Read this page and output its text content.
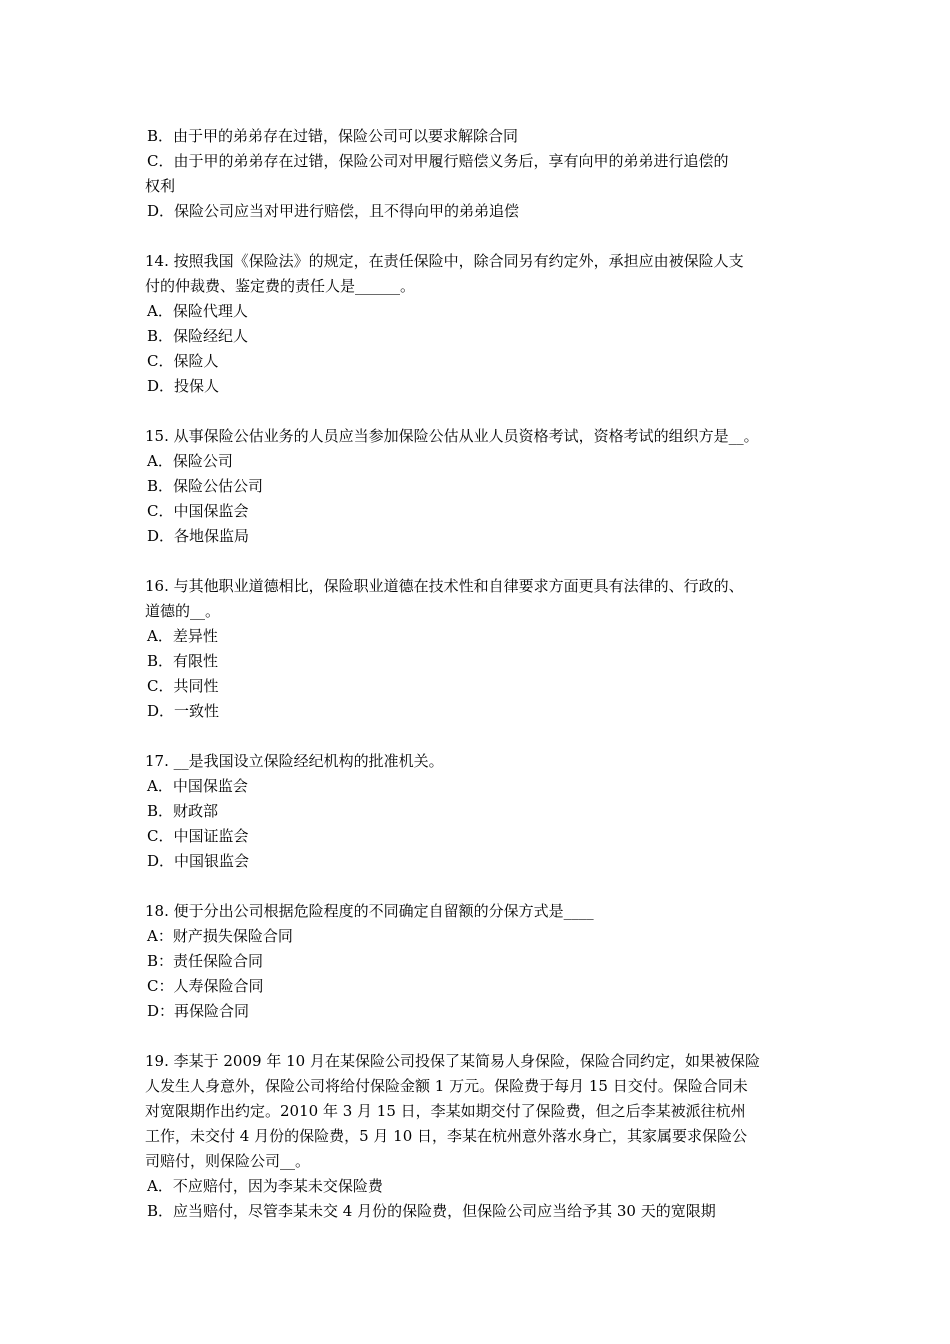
B．由于甲的弟弟存在过错，保险公司可以要求解除合同
C．由于甲的弟弟存在过错，保险公司对甲履行赔偿义务后，享有向甲的弟弟进行追偿的
权利
D．保险公司应当对甲进行赔偿，且不得向甲的弟弟追偿
14. 按照我国《保险法》的规定，在责任保险中，除合同另有约定外，承担应由被保险人支
付的仲裁费、鉴定费的责任人是______。
A．保险代理人
B．保险经纪人
C．保险人
D．投保人
15. 从事保险公估业务的人员应当参加保险公估从业人员资格考试，资格考试的组织方是__。
A．保险公司
B．保险公估公司
C．中国保监会
D．各地保监局
16. 与其他职业道德相比，保险职业道德在技术性和自律要求方面更具有法律的、行政的、
道德的__。
A．差异性
B．有限性
C．共同性
D．一致性
17. __是我国设立保险经纪机构的批准机关。
A．中国保监会
B．财政部
C．中国证监会
D．中国银监会
18. 便于分出公司根据危险程度的不同确定自留额的分保方式是____
A：财产损失保险合同
B：责任保险合同
C：人寿保险合同
D：再保险合同
19. 李某于 2009 年 10 月在某保险公司投保了某简易人身保险，保险合同约定，如果被保险
人发生人身意外，保险公司将给付保险金额 1 万元。保险费于每月 15 日交付。保险合同未
对宽限期作出约定。2010 年 3 月 15 日，李某如期交付了保险费，但之后李某被派往杭州
工作，未交付 4 月份的保险费，5 月 10 日，李某在杭州意外落水身亡，其家属要求保险公
司赔付，则保险公司__。
A．不应赔付，因为李某未交保险费
B．应当赔付，尽管李某未交 4 月份的保险费，但保险公司应当给予其 30 天的宽限期
